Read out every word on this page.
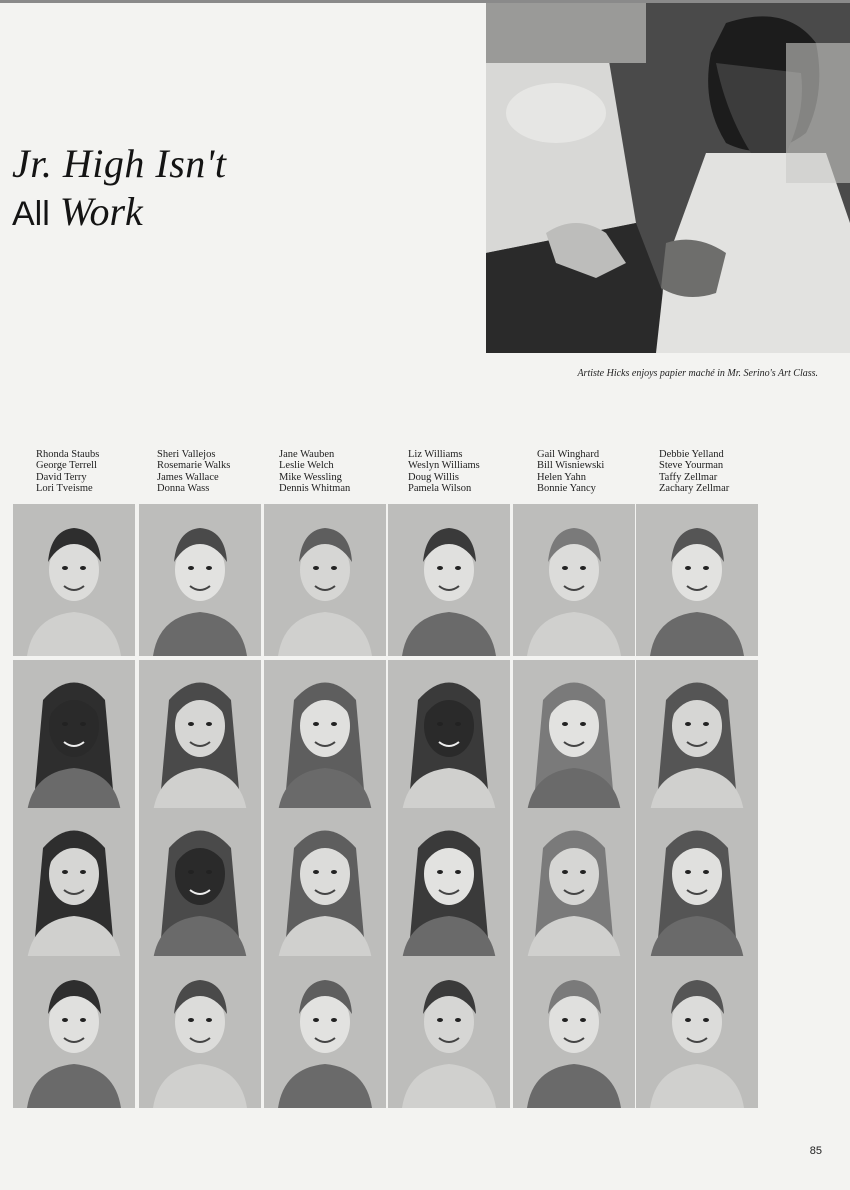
Jr. High Isn't
All Work
Artiste Hicks enjoys papier maché in Mr. Serino's Art Class.
Rhonda Staubs
George Terrell
David Terry
Lori Tveisme
Sheri Vallejos
Rosemarie Walks
James Wallace
Donna Wass
Jane Wauben
Leslie Welch
Mike Wessling
Dennis Whitman
Liz Williams
Weslyn Williams
Doug Willis
Pamela Wilson
Gail Winghard
Bill Wisniewski
Helen Yahn
Bonnie Yancy
Debbie Yelland
Steve Yourman
Taffy Zellmar
Zachary Zellmar
85
